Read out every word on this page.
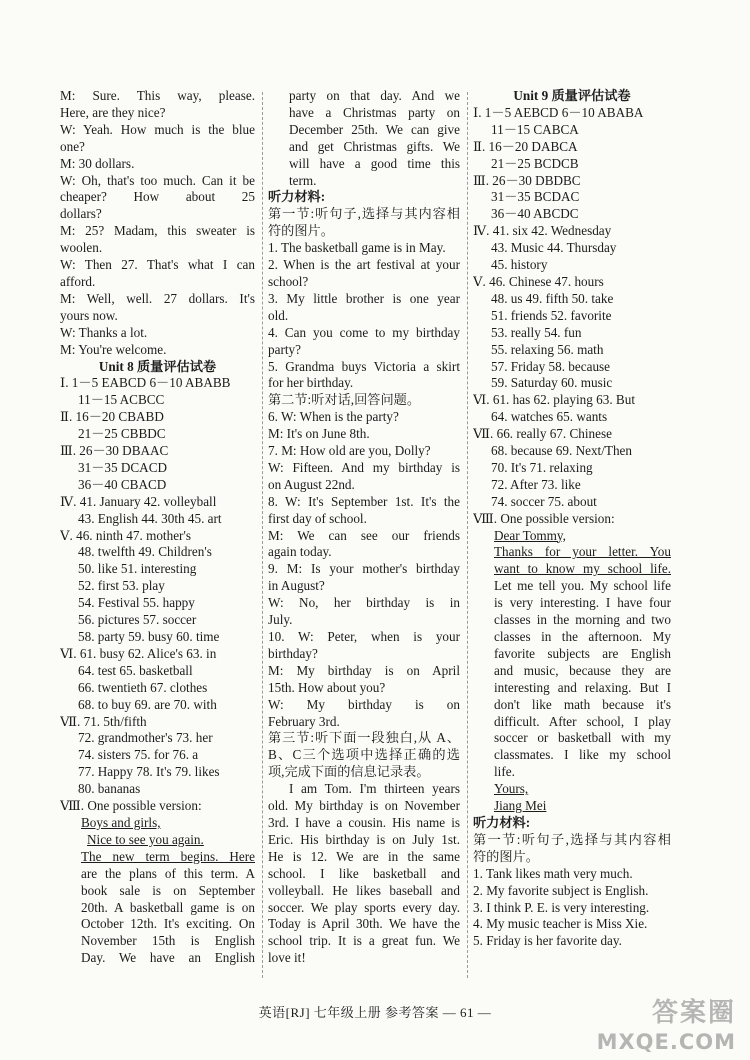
M: Sure. This way, please.
Here, are they nice?
W: Yeah. How much is the blue
one?
M: 30 dollars.
W: Oh, that's too much. Can it be
cheaper? How about 25
dollars?
M: 25? Madam, this sweater is
woolen.
W: Then 27. That's what I can
afford.
M: Well, well. 27 dollars. It's
yours now.
W: Thanks a lot.
M: You're welcome.
Unit 8 质量评估试卷
Ⅰ. 1－5 EABCD 6－10 ABABB
11－15 ACBCC
Ⅱ. 16－20 CBABD
21－25 CBBDC
Ⅲ. 26－30 DBAAC
31－35 DCACD
36－40 CBACD
Ⅳ. 41. January 42. volleyball
43. English 44. 30th 45. art
Ⅴ. 46. ninth 47. mother's
48. twelfth 49. Children's
50. like 51. interesting
52. first 53. play
54. Festival 55. happy
56. pictures 57. soccer
58. party 59. busy 60. time
Ⅵ. 61. busy 62. Alice's 63. in
64. test 65. basketball
66. twentieth 67. clothes
68. to buy 69. are 70. with
Ⅶ. 71. 5th/fifth
72. grandmother's 73. her
74. sisters 75. for 76. a
77. Happy 78. It's 79. likes
80. bananas
Ⅷ. One possible version:
Boys and girls,
Nice to see you again.
The new term begins. Here
are the plans of this term. A
book sale is on September
20th. A basketball game is on
October 12th. It's exciting. On
November 15th is English
Day. We have an English
party on that day. And we
have a Christmas party on
December 25th. We can give
and get Christmas gifts. We
will have a good time this
term.
听力材料:
第一节:听句子,选择与其内容相
符的图片。
1. The basketball game is in May.
2. When is the art festival at your
school?
3. My little brother is one year
old.
4. Can you come to my birthday
party?
5. Grandma buys Victoria a skirt
for her birthday.
第二节:听对话,回答问题。
6. W: When is the party?
M: It's on June 8th.
7. M: How old are you, Dolly?
W: Fifteen. And my birthday is
on August 22nd.
8. W: It's September 1st. It's the
first day of school.
M: We can see our friends
again today.
9. M: Is your mother's birthday
in August?
W: No, her birthday is in
July.
10. W: Peter, when is your
birthday?
M: My birthday is on April
15th. How about you?
W: My birthday is on
February 3rd.
第三节:听下面一段独白,从 A、
B、C三个选项中选择正确的选
项,完成下面的信息记录表。
I am Tom. I'm thirteen years
old. My birthday is on November
3rd. I have a cousin. His name is
Eric. His birthday is on July 1st.
He is 12. We are in the same
school. I like basketball and
volleyball. He likes baseball and
soccer. We play sports every day.
Today is April 30th. We have the
school trip. It is a great fun. We
love it!
Unit 9 质量评估试卷
Ⅰ. 1－5 AEBCD 6－10 ABABA
11－15 CABCA
Ⅱ. 16－20 DABCA
21－25 BCDCB
Ⅲ. 26－30 DBDBC
31－35 BCDAC
36－40 ABCDC
Ⅳ. 41. six 42. Wednesday
43. Music 44. Thursday
45. history
Ⅴ. 46. Chinese 47. hours
48. us 49. fifth 50. take
51. friends 52. favorite
53. really 54. fun
55. relaxing 56. math
57. Friday 58. because
59. Saturday 60. music
Ⅵ. 61. has 62. playing 63. But
64. watches 65. wants
Ⅶ. 66. really 67. Chinese
68. because 69. Next/Then
70. It's 71. relaxing
72. After 73. like
74. soccer 75. about
Ⅷ. One possible version:
Dear Tommy,
Thanks for your letter. You
want to know my school life.
Let me tell you. My school life
is very interesting. I have four
classes in the morning and two
classes in the afternoon. My
favorite subjects are English
and music, because they are
interesting and relaxing. But I
don't like math because it's
difficult. After school, I play
soccer or basketball with my
classmates. I like my school
life.
Yours,
Jiang Mei
听力材料:
第一节:听句子,选择与其内容相
符的图片。
1. Tank likes math very much.
2. My favorite subject is English.
3. I think P. E. is very interesting.
4. My music teacher is Miss Xie.
5. Friday is her favorite day.
英语[RJ] 七年级上册 参考答案 — 61 —	答案圈
MXQE.COM
